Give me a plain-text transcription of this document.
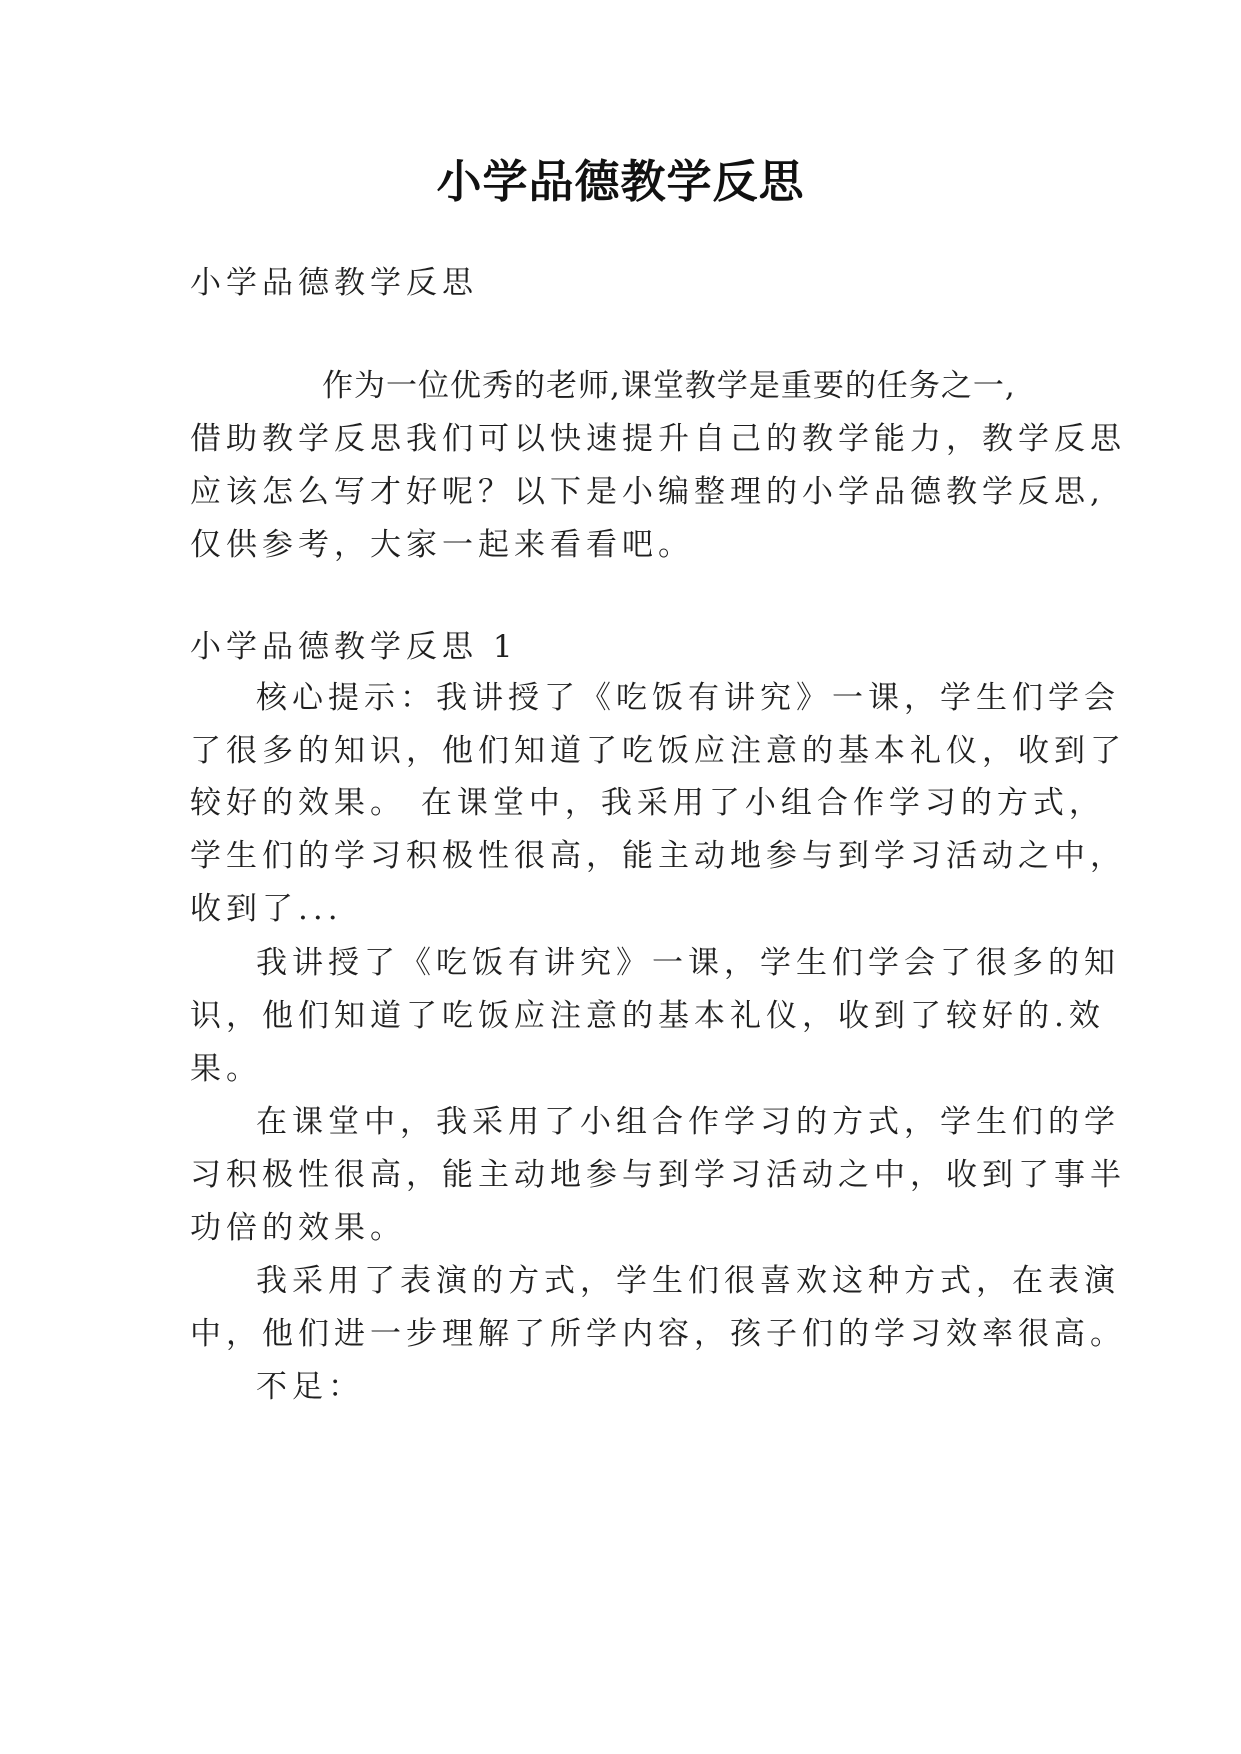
小学品德教学反思

小学品德教学反思

作为一位优秀的老师,课堂教学是重要的任务之一,

借助教学反思我们可以快速提升自己的教学能力，教学反思

应该怎么写才好呢？以下是小编整理的小学品德教学反思,

仅供参考，大家一起来看看吧。

小学品德教学反思 1

核心提示：我讲授了《吃饭有讲究》一课，学生们学会

了很多的知识，他们知道了吃饭应注意的基本礼仪，收到了

较好的效果。 在课堂中，我采用了小组合作学习的方式，

学生们的学习积极性很高，能主动地参与到学习活动之中，

收到了...

我讲授了《吃饭有讲究》一课，学生们学会了很多的知

识，他们知道了吃饭应注意的基本礼仪，收到了较好的.效

果。

在课堂中，我采用了小组合作学习的方式，学生们的学

习积极性很高，能主动地参与到学习活动之中，收到了事半

功倍的效果。

我采用了表演的方式，学生们很喜欢这种方式，在表演

中，他们进一步理解了所学内容，孩子们的学习效率很高。

不足：
